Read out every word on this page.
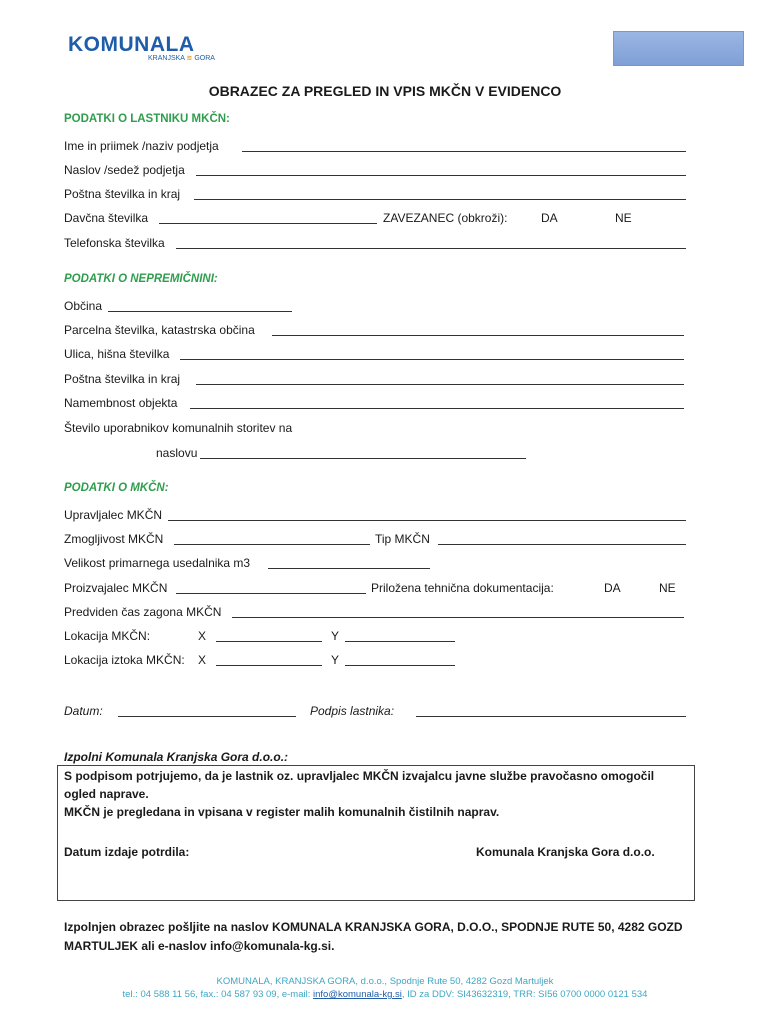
KOMUNALA
KRANJSKA ≋ GORA
OBRAZEC ZA PREGLED IN VPIS MKČN V EVIDENCO
PODATKI O LASTNIKU MKČN:
Ime in priimek /naziv podjetja
Naslov /sedež podjetja
Poštna številka in kraj
Davčna številka	ZAVEZANEC (obkroži):	DA	NE
Telefonska številka
PODATKI O NEPREMIČNINI:
Občina
Parcelna številka, katastrska občina
Ulica, hišna številka
Poštna številka in kraj
Namembnost objekta
Število uporabnikov komunalnih storitev na
naslovu
PODATKI O MKČN:
Upravljalec MKČN
Zmogljivost MKČN	Tip MKČN
Velikost primarnega usedalnika m3
Proizvajalec MKČN	Priložena tehnična dokumentacija:	DA	NE
Predviden čas zagona MKČN
Lokacija MKČN:	X	Y
Lokacija iztoka MKČN: X	Y
Datum:	Podpis lastnika:
Izpolni Komunala Kranjska Gora d.o.o.:
S podpisom potrjujemo, da je lastnik oz. upravljalec MKČN izvajalcu javne službe pravočasno omogočil
ogled naprave.
MKČN je pregledana in vpisana v register malih komunalnih čistilnih naprav.
Datum izdaje potrdila:	Komunala Kranjska Gora d.o.o.
Izpolnjen obrazec pošljite na naslov KOMUNALA KRANJSKA GORA, D.O.O., SPODNJE RUTE 50, 4282 GOZD
MARTULJEK ali e-naslov info@komunala-kg.si.
KOMUNALA, KRANJSKA GORA, d.o.o., Spodnje Rute 50, 4282 Gozd Martuljek
tel.: 04 588 11 56, fax.: 04 587 93 09, e-mail: info@komunala-kg.si, ID za DDV: SI43632319, TRR: SI56 0700 0000 0121 534
